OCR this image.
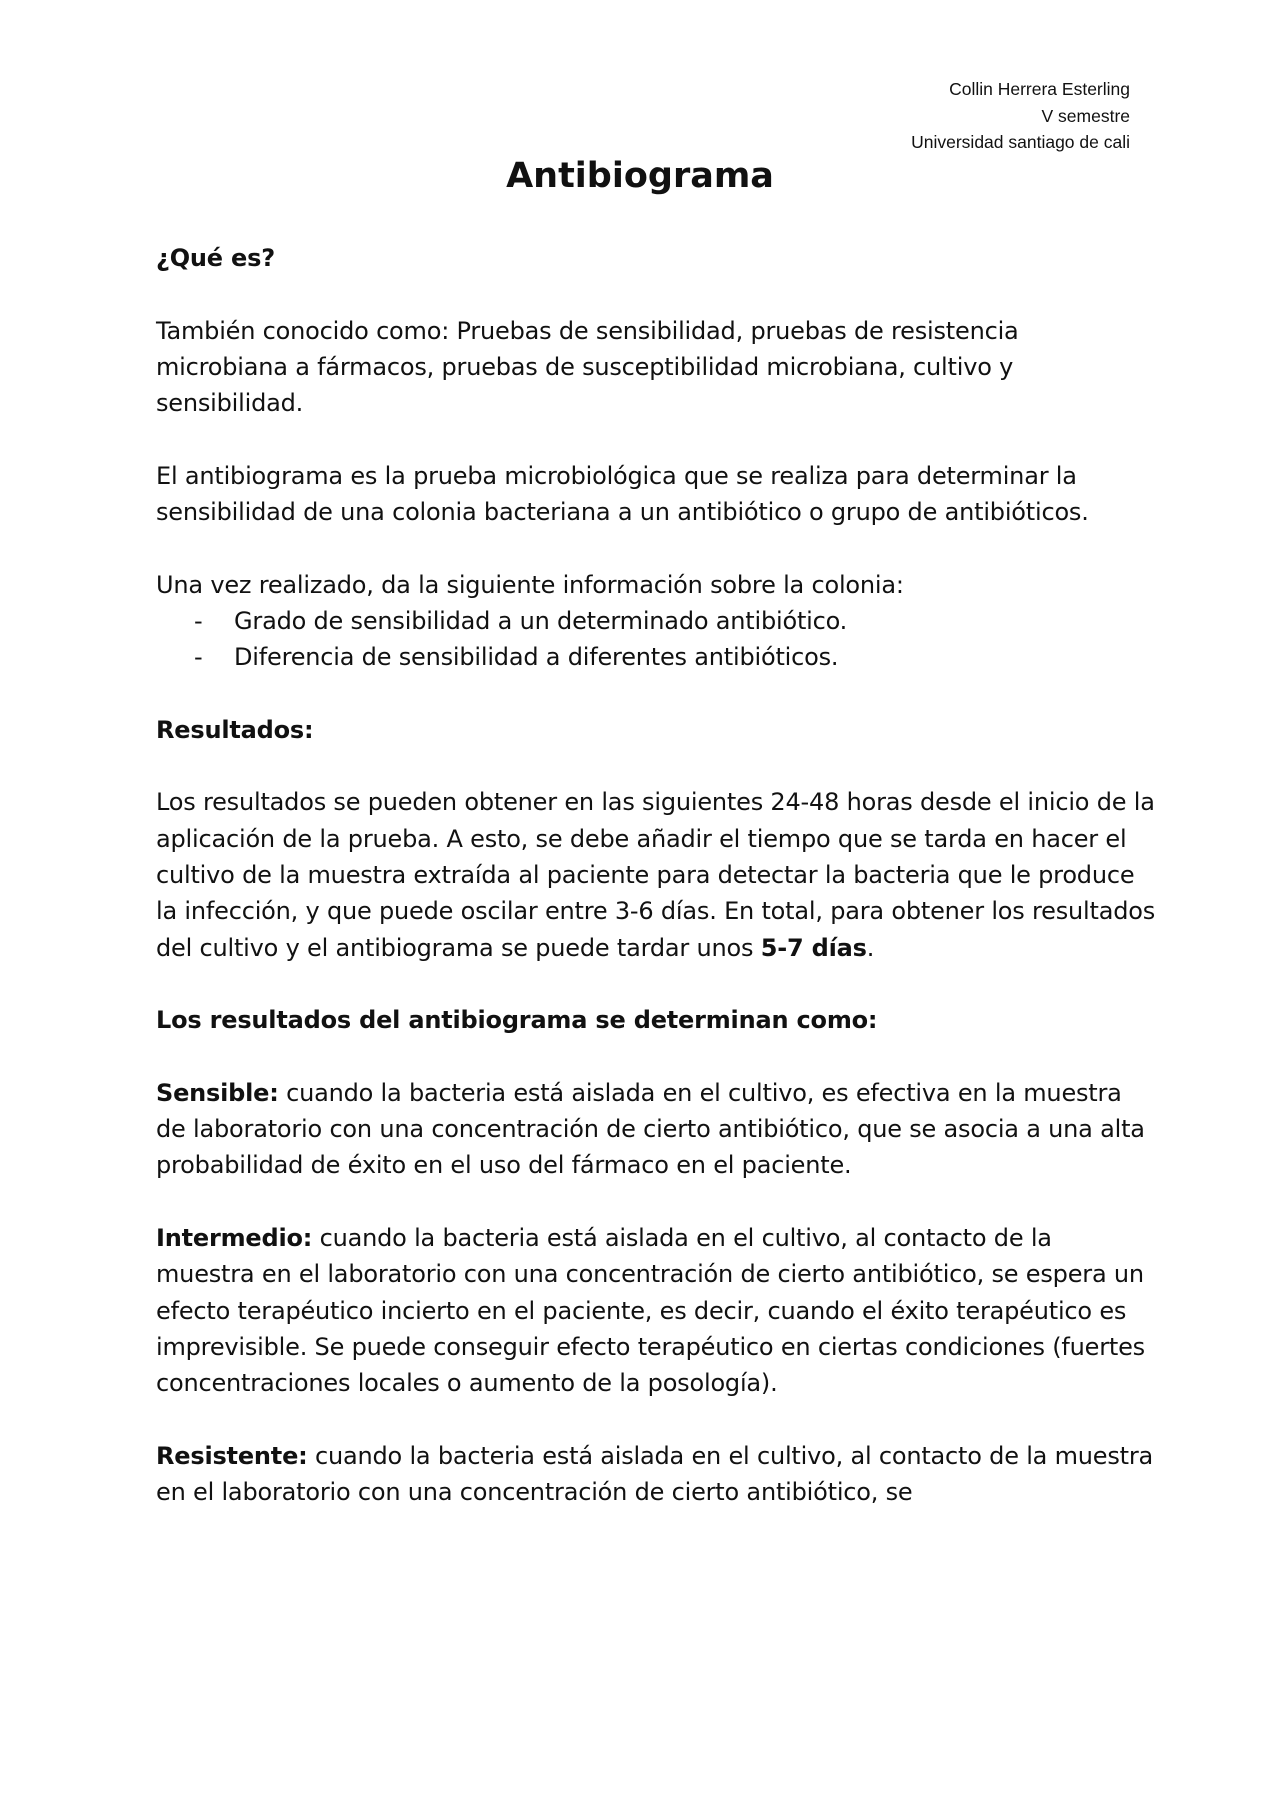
Collin Herrera Esterling
V semestre
Universidad santiago de cali
Antibiograma

¿Qué es?

También conocido como: Pruebas de sensibilidad, pruebas de resistencia microbiana a fármacos, pruebas de susceptibilidad microbiana, cultivo y sensibilidad.

El antibiograma es la prueba microbiológica que se realiza para determinar la sensibilidad de una colonia bacteriana a un antibiótico o grupo de antibióticos.

Una vez realizado, da la siguiente información sobre la colonia:

- Grado de sensibilidad a un determinado antibiótico.
- Diferencia de sensibilidad a diferentes antibióticos.

Resultados:

Los resultados se pueden obtener en las siguientes 24-48 horas desde el inicio de la aplicación de la prueba. A esto, se debe añadir el tiempo que se tarda en hacer el cultivo de la muestra extraída al paciente para detectar la bacteria que le produce la infección, y que puede oscilar entre 3-6 días. En total, para obtener los resultados del cultivo y el antibiograma se puede tardar unos 5-7 días.

Los resultados del antibiograma se determinan como:

Sensible: cuando la bacteria está aislada en el cultivo, es efectiva en la muestra de laboratorio con una concentración de cierto antibiótico, que se asocia a una alta probabilidad de éxito en el uso del fármaco en el paciente.

Intermedio: cuando la bacteria está aislada en el cultivo, al contacto de la muestra en el laboratorio con una concentración de cierto antibiótico, se espera un efecto terapéutico incierto en el paciente, es decir, cuando el éxito terapéutico es imprevisible. Se puede conseguir efecto terapéutico en ciertas condiciones (fuertes concentraciones locales o aumento de la posología).

Resistente: cuando la bacteria está aislada en el cultivo, al contacto de la muestra en el laboratorio con una concentración de cierto antibiótico, se
